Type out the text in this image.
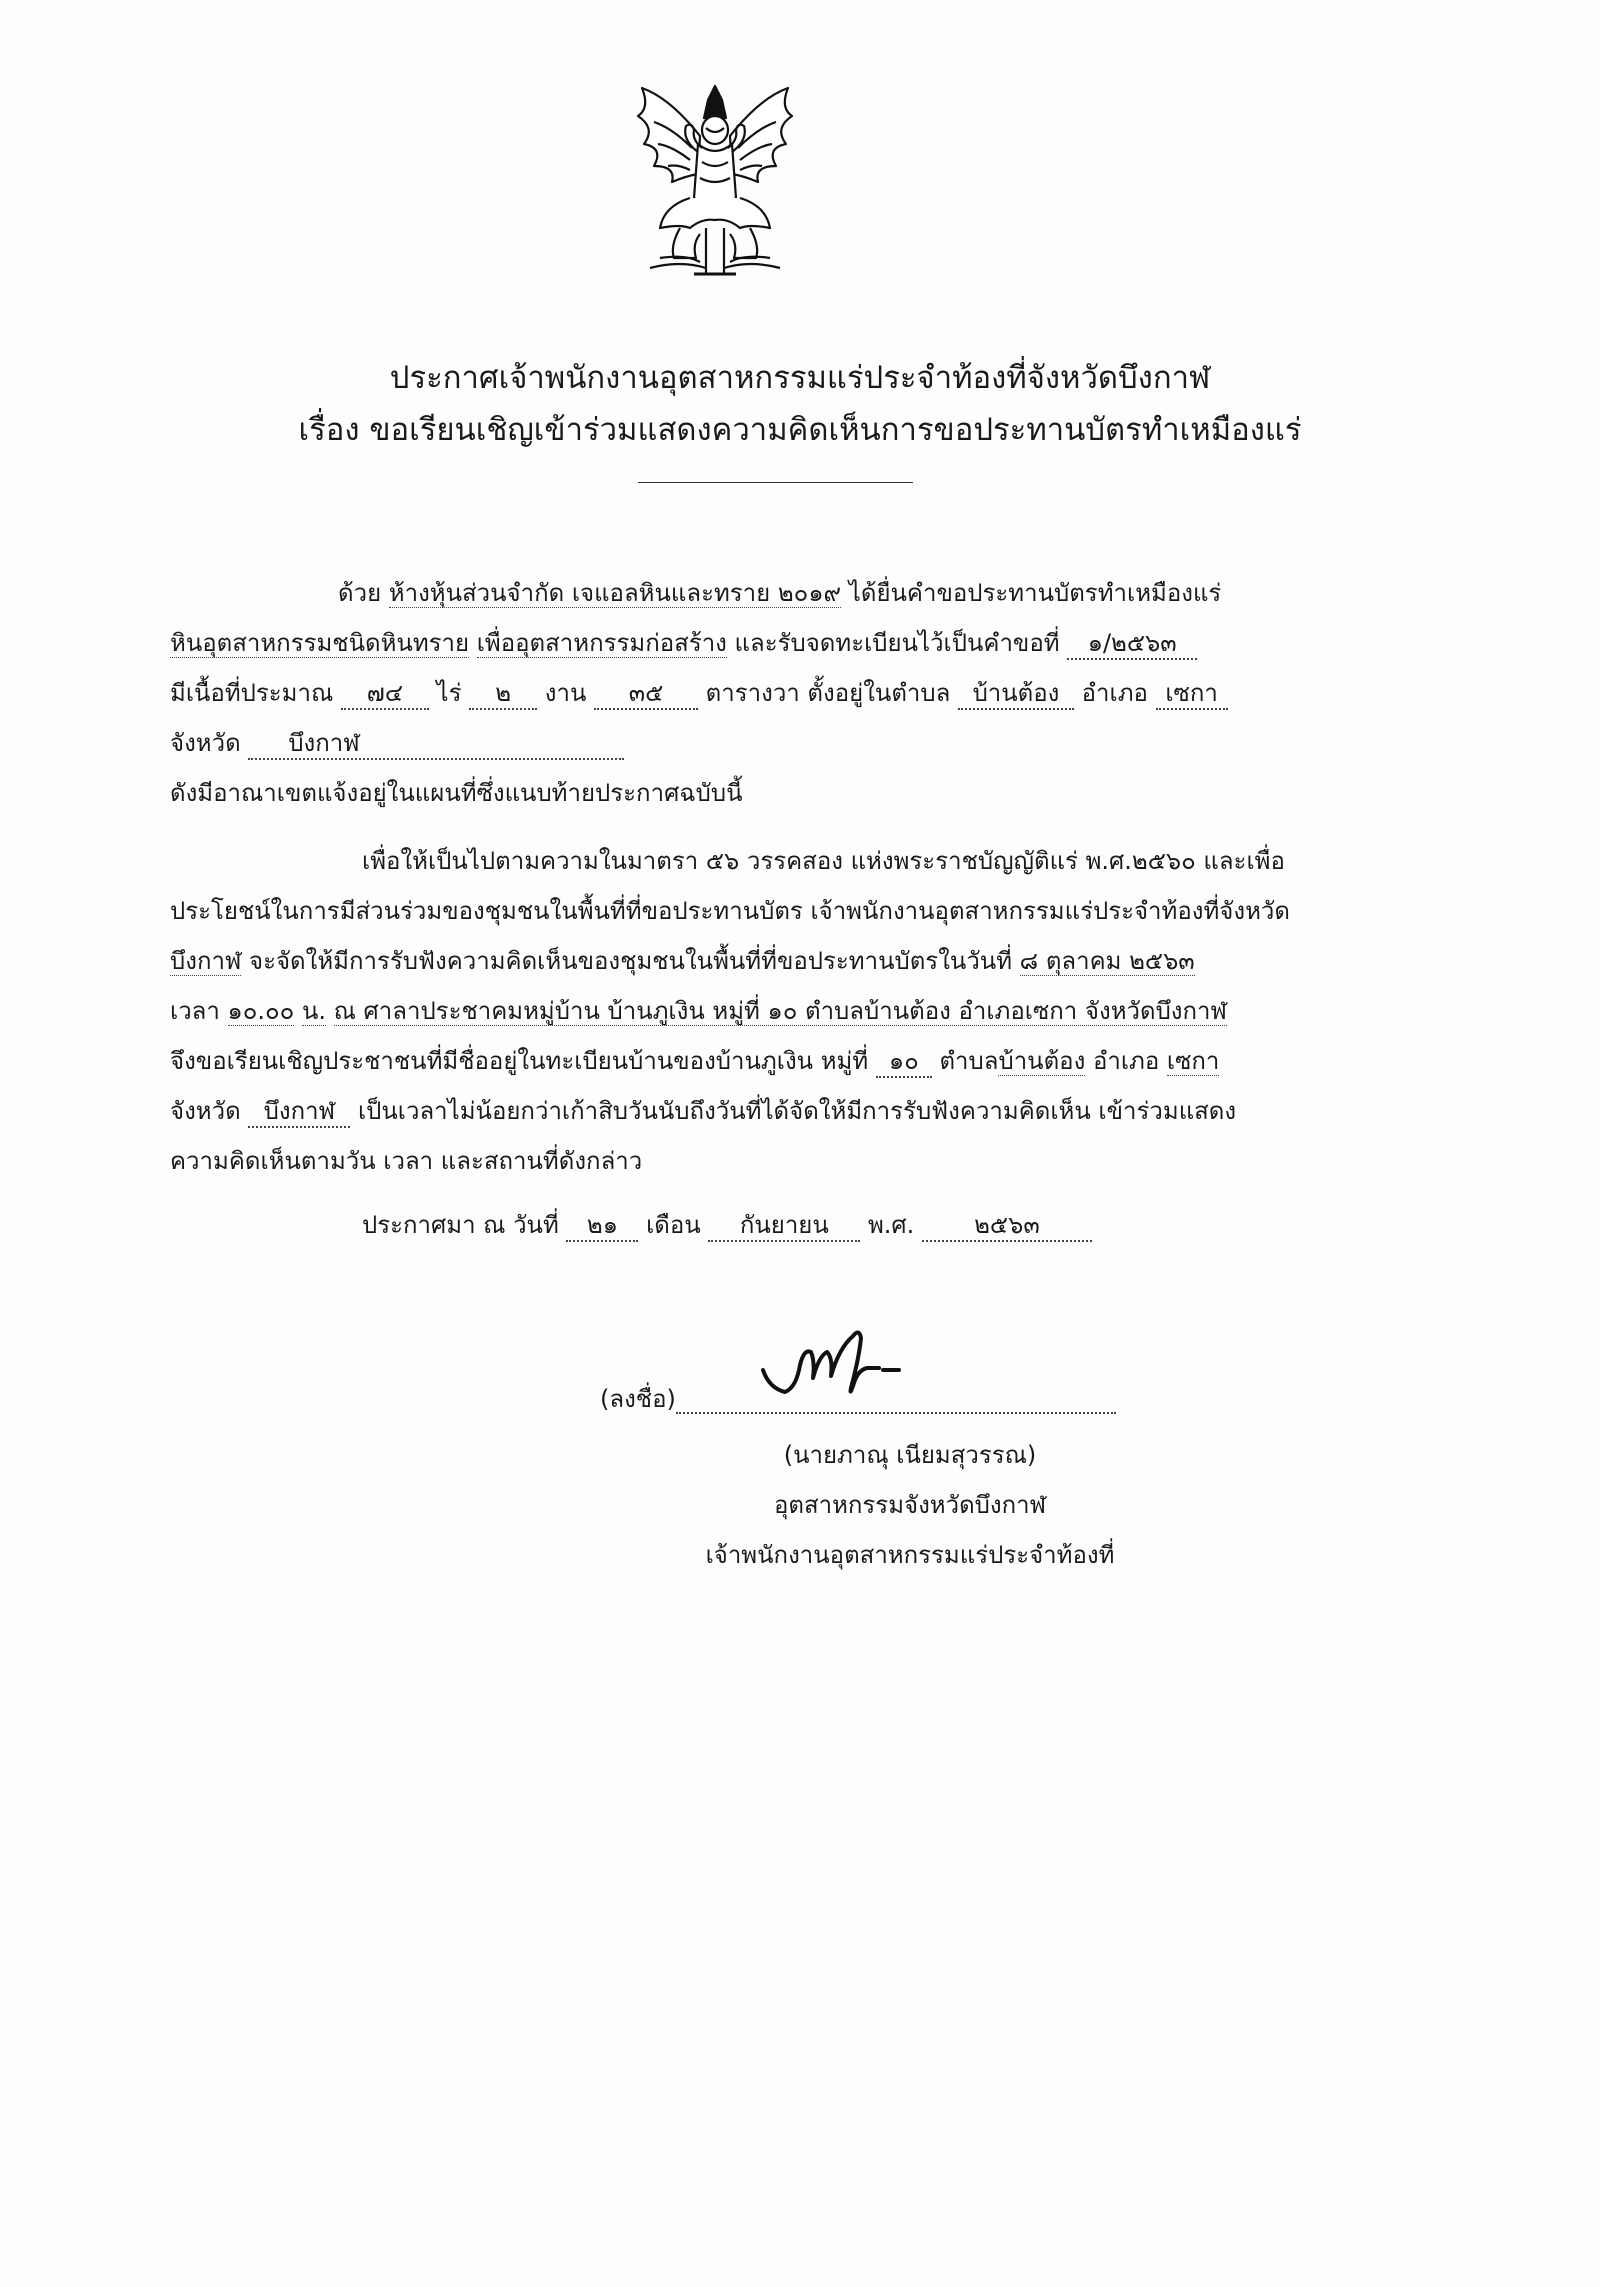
ประกาศเจ้าพนักงานอุตสาหกรรมแร่ประจำท้องที่จังหวัดบึงกาฬ
เรื่อง ขอเรียนเชิญเข้าร่วมแสดงความคิดเห็นการขอประทานบัตรทำเหมืองแร่
ด้วย ห้างหุ้นส่วนจำกัด เจแอลหินและทราย ๒๐๑๙ ได้ยื่นคำขอประทานบัตรทำเหมืองแร่
หินอุตสาหกรรมชนิดหินทราย เพื่ออุตสาหกรรมก่อสร้าง และรับจดทะเบียนไว้เป็นคำขอที่ ๑/๒๕๖๓
มีเนื้อที่ประมาณ ๗๔ ไร่ ๒ งาน ๓๕ ตารางวา ตั้งอยู่ในตำบล บ้านต้อง อำเภอ เซกา
จังหวัด บึงกาฬ
ดังมีอาณาเขตแจ้งอยู่ในแผนที่ซึ่งแนบท้ายประกาศฉบับนี้
เพื่อให้เป็นไปตามความในมาตรา ๕๖ วรรคสอง แห่งพระราชบัญญัติแร่ พ.ศ.๒๕๖๐ และเพื่อ
ประโยชน์ในการมีส่วนร่วมของชุมชนในพื้นที่ที่ขอประทานบัตร เจ้าพนักงานอุตสาหกรรมแร่ประจำท้องที่จังหวัด
บึงกาฬ จะจัดให้มีการรับฟังความคิดเห็นของชุมชนในพื้นที่ที่ขอประทานบัตรในวันที่ ๘ ตุลาคม ๒๕๖๓
เวลา ๑๐.๐๐ น. ณ ศาลาประชาคมหมู่บ้าน บ้านภูเงิน หมู่ที่ ๑๐ ตำบลบ้านต้อง อำเภอเซกา จังหวัดบึงกาฬ
จึงขอเรียนเชิญประชาชนที่มีชื่ออยู่ในทะเบียนบ้านของบ้านภูเงิน หมู่ที่ ๑๐ ตำบลบ้านต้อง อำเภอ เซกา
จังหวัด บึงกาฬ เป็นเวลาไม่น้อยกว่าเก้าสิบวันนับถึงวันที่ได้จัดให้มีการรับฟังความคิดเห็น เข้าร่วมแสดง
ความคิดเห็นตามวัน เวลา และสถานที่ดังกล่าว
ประกาศมา ณ วันที่ ๒๑ เดือน กันยายน พ.ศ. ๒๕๖๓
(ลงชื่อ)
(นายภาณุ เนียมสุวรรณ)
อุตสาหกรรมจังหวัดบึงกาฬ
เจ้าพนักงานอุตสาหกรรมแร่ประจำท้องที่
